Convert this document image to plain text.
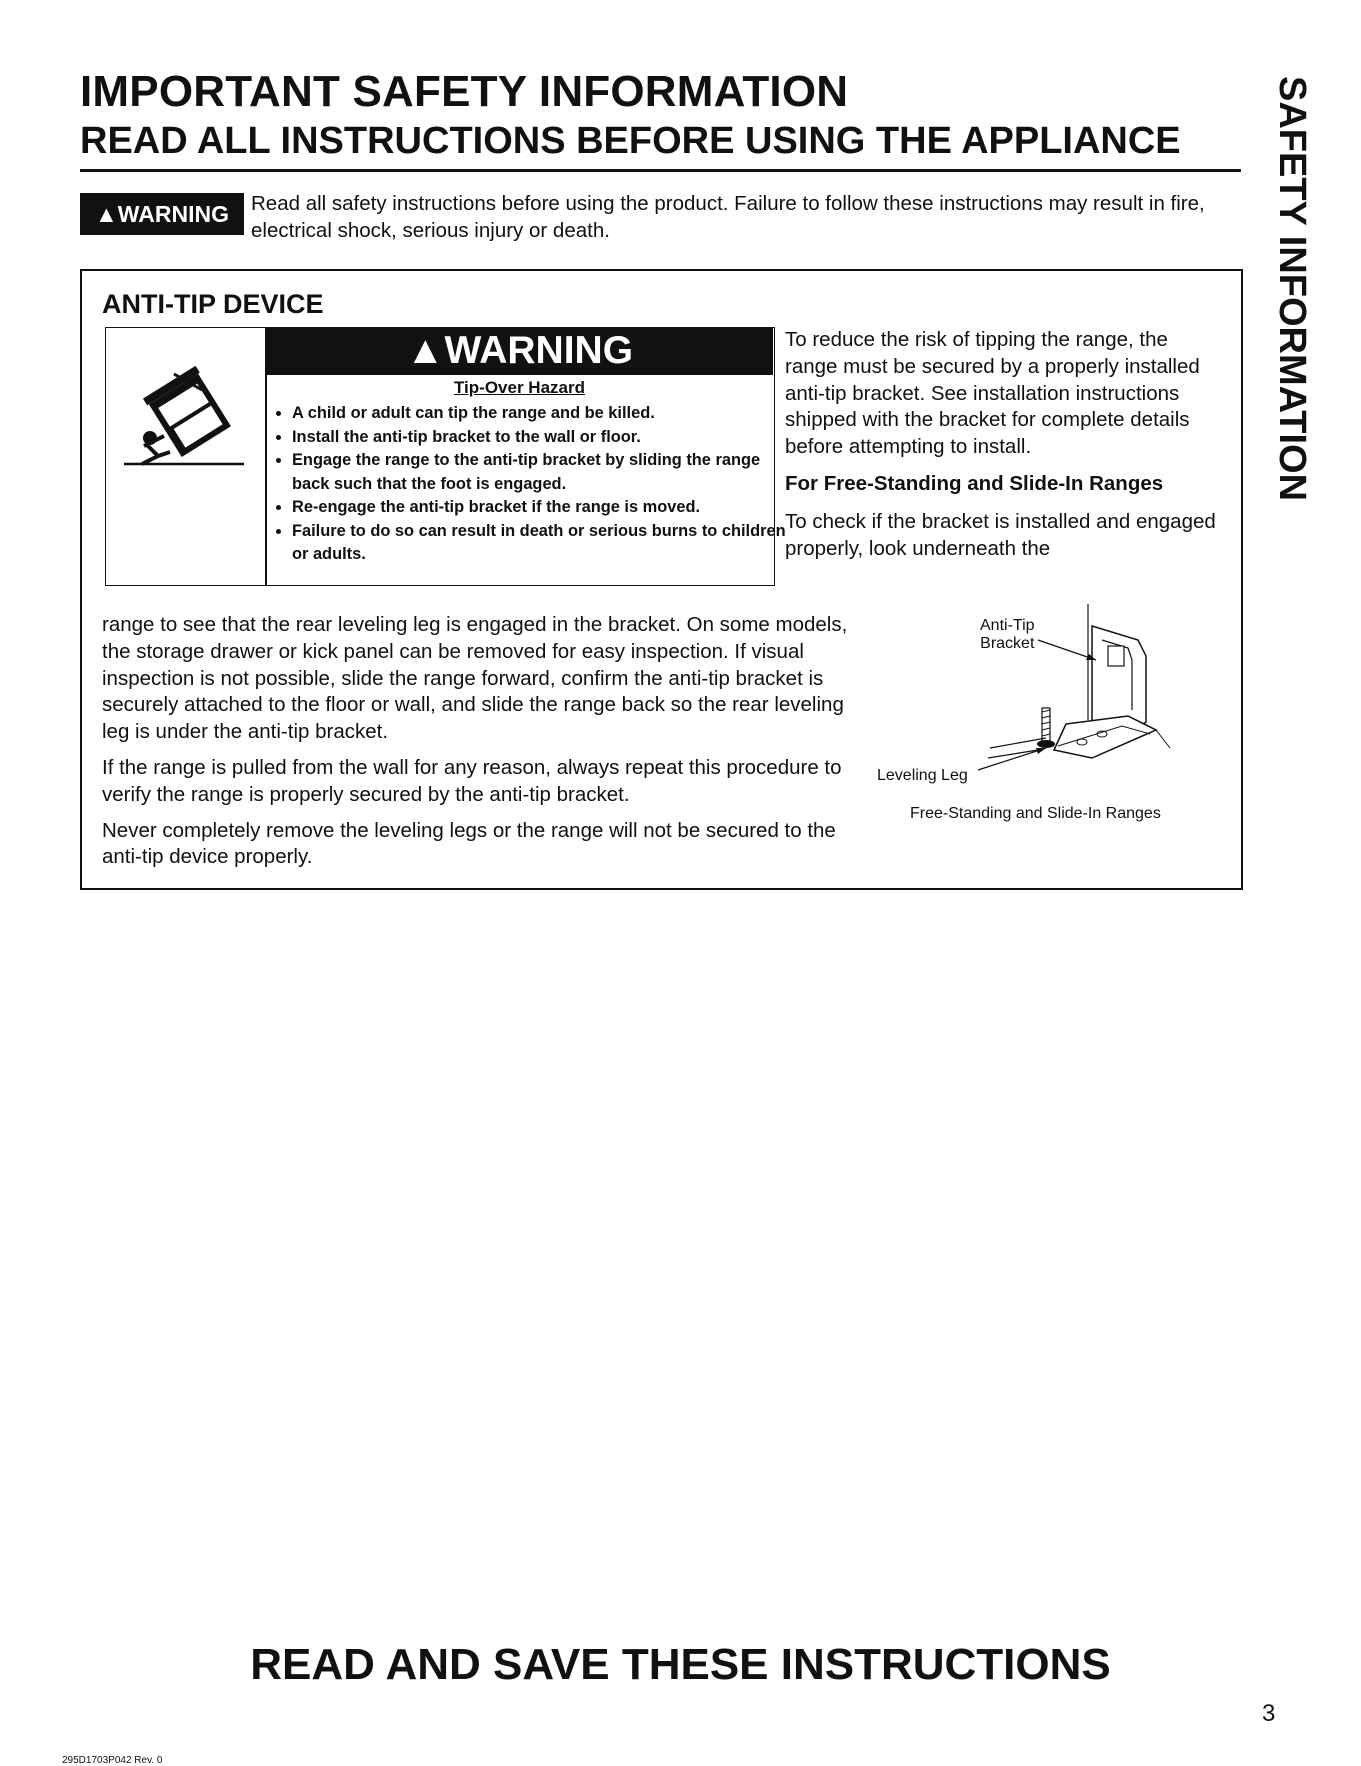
IMPORTANT SAFETY INFORMATION
READ ALL INSTRUCTIONS BEFORE USING THE APPLIANCE SAFETY INFORMATION
▲WARNING	Read all safety instructions before using the product. Failure to follow these instructions may result in fire, electrical shock, serious injury or death.
ANTI-TIP DEVICE
▲WARNING
Tip-Over Hazard
• A child or adult can tip the range and be killed.
• Install the anti-tip bracket to the wall or floor.
• Engage the range to the anti-tip bracket by sliding the range back such that the foot is engaged.
• Re-engage the anti-tip bracket if the range is moved.
• Failure to do so can result in death or serious burns to children or adults.

To reduce the risk of tipping the range, the range must be secured by a properly installed anti-tip bracket. See installation instructions shipped with the bracket for complete details before attempting to install.

For Free-Standing and Slide-In Ranges

To check if the bracket is installed and engaged properly, look underneath the

range to see that the rear leveling leg is engaged in the bracket. On some models, the storage drawer or kick panel can be removed for easy inspection. If visual inspection is not possible, slide the range forward, confirm the anti-tip bracket is securely attached to the floor or wall, and slide the range back so the rear leveling leg is under the anti-tip bracket.

If the range is pulled from the wall for any reason, always repeat this procedure to verify the range is properly secured by the anti-tip bracket.

Never completely remove the leveling legs or the range will not be secured to the anti-tip device properly.

Anti-Tip
Bracket
Leveling Leg
Free-Standing and Slide-In Ranges
READ AND SAVE THESE INSTRUCTIONS
3
295D1703P042 Rev. 0
